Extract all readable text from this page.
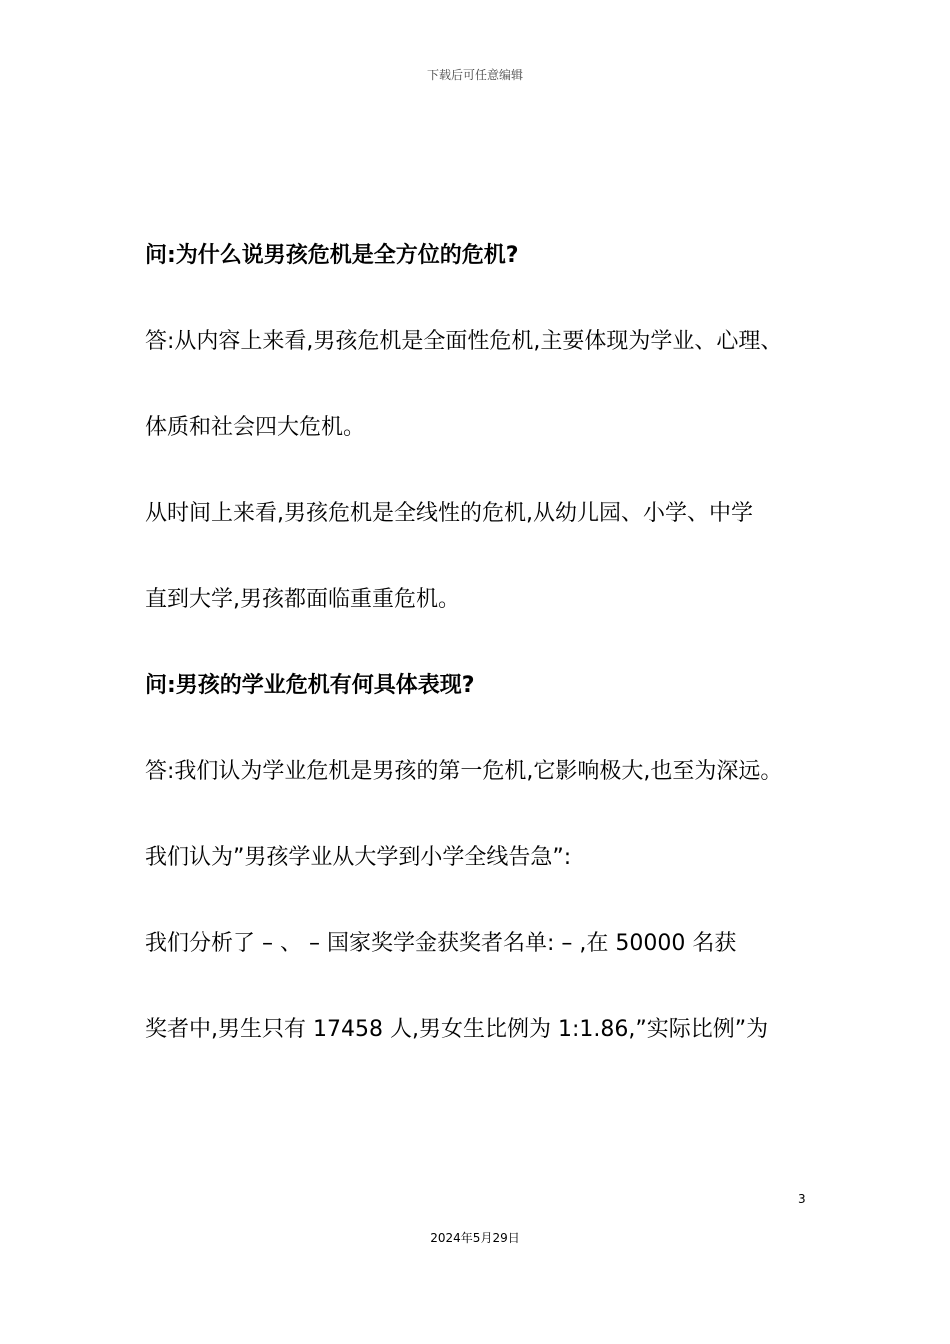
下载后可任意编辑
问:为什么说男孩危机是全方位的危机?
答:从内容上来看,男孩危机是全面性危机,主要体现为学业、心理、
体质和社会四大危机。
从时间上来看,男孩危机是全线性的危机,从幼儿园、小学、中学
直到大学,男孩都面临重重危机。
问:男孩的学业危机有何具体表现?
答:我们认为学业危机是男孩的第一危机,它影响极大,也至为深远。
我们认为”男孩学业从大学到小学全线告急”:
我们分析了 – 、 – 国家奖学金获奖者名单: – ,在 50000 名获
奖者中,男生只有 17458 人,男女生比例为 1:1.86,”实际比例”为
3
2024年5月29日
